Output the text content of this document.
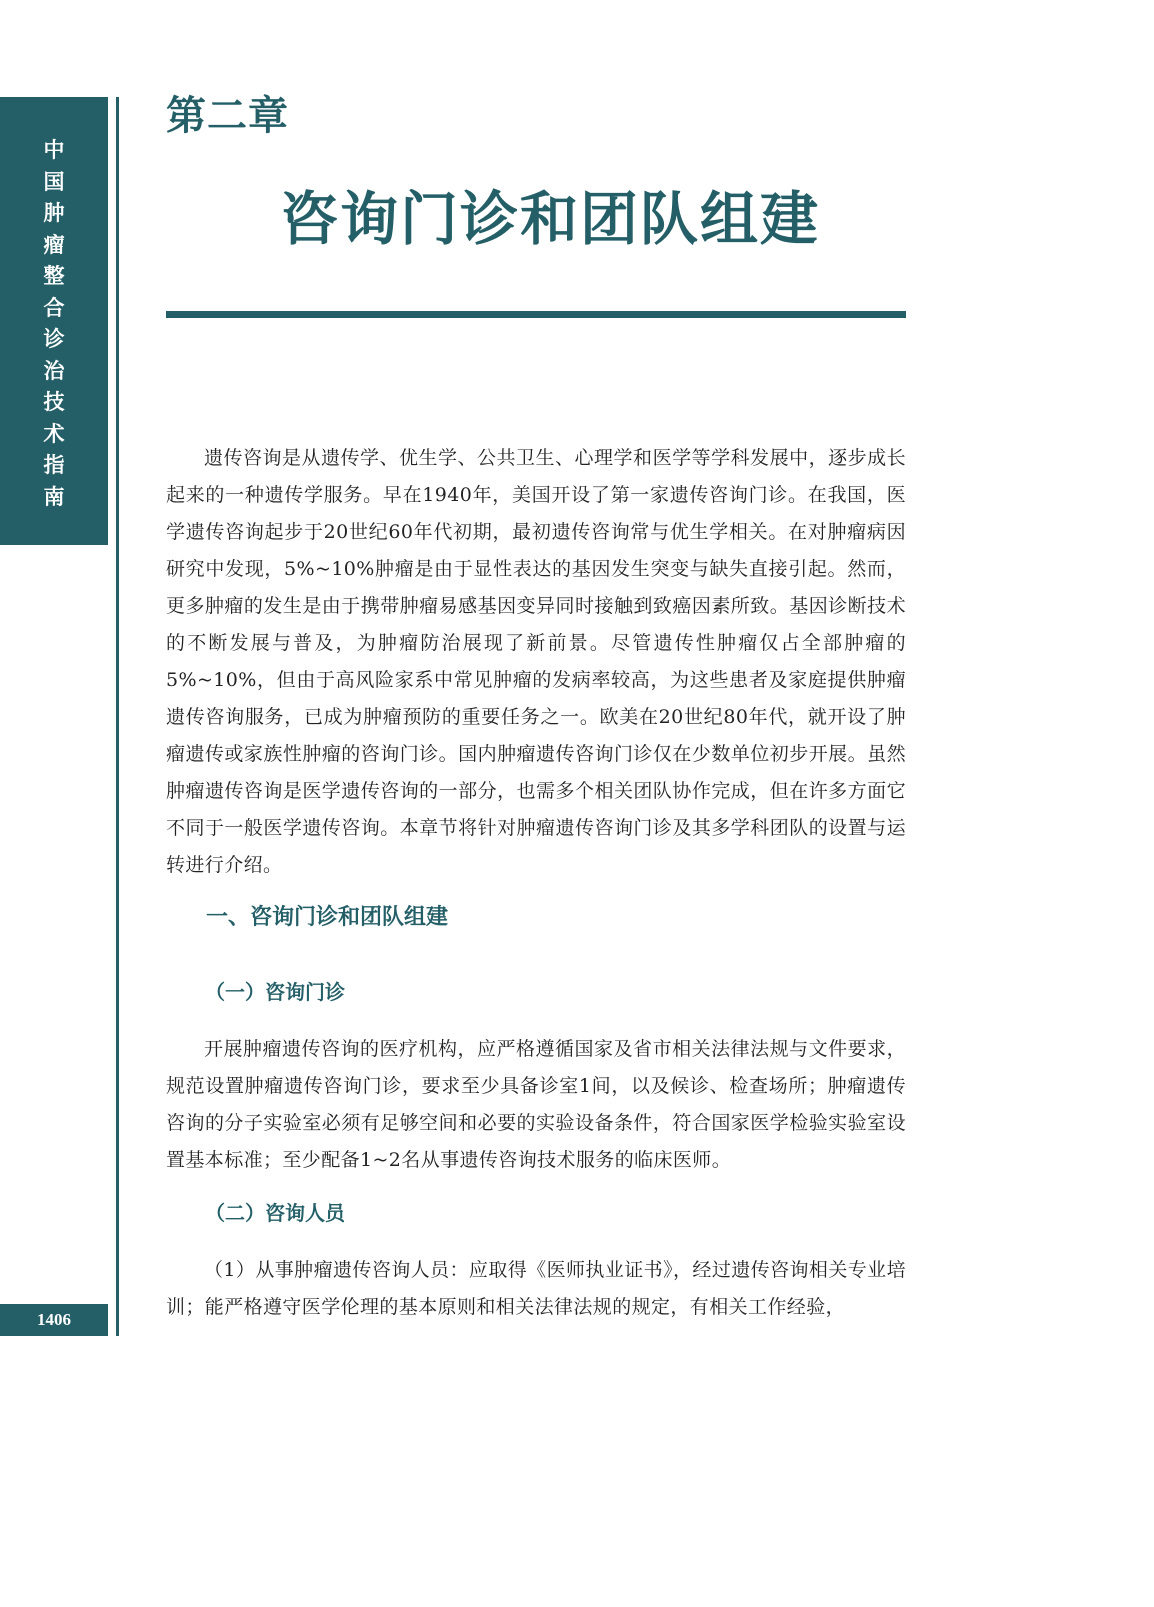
中
国
肿
瘤
整
合
诊
治
技
术
指
南
1406
第二章
咨询门诊和团队组建

遗传咨询是从遗传学、优生学、公共卫生、心理学和医学等学科发展中，逐步成长起来的一种遗传学服务。早在1940年，美国开设了第一家遗传咨询门诊。在我国，医学遗传咨询起步于20世纪60年代初期，最初遗传咨询常与优生学相关。在对肿瘤病因研究中发现，5%~10%肿瘤是由于显性表达的基因发生突变与缺失直接引起。然而，更多肿瘤的发生是由于携带肿瘤易感基因变异同时接触到致癌因素所致。基因诊断技术的不断发展与普及，为肿瘤防治展现了新前景。尽管遗传性肿瘤仅占全部肿瘤的5%~10%，但由于高风险家系中常见肿瘤的发病率较高，为这些患者及家庭提供肿瘤遗传咨询服务，已成为肿瘤预防的重要任务之一。欧美在20世纪80年代，就开设了肿瘤遗传或家族性肿瘤的咨询门诊。国内肿瘤遗传咨询门诊仅在少数单位初步开展。虽然肿瘤遗传咨询是医学遗传咨询的一部分，也需多个相关团队协作完成，但在许多方面它不同于一般医学遗传咨询。本章节将针对肿瘤遗传咨询门诊及其多学科团队的设置与运转进行介绍。

一、咨询门诊和团队组建
（一）咨询门诊

开展肿瘤遗传咨询的医疗机构，应严格遵循国家及省市相关法律法规与文件要求，规范设置肿瘤遗传咨询门诊，要求至少具备诊室1间，以及候诊、检查场所；肿瘤遗传咨询的分子实验室必须有足够空间和必要的实验设备条件，符合国家医学检验实验室设置基本标准；至少配备1~2名从事遗传咨询技术服务的临床医师。

（二）咨询人员

（1）从事肿瘤遗传咨询人员：应取得《医师执业证书》，经过遗传咨询相关专业培训；能严格遵守医学伦理的基本原则和相关法律法规的规定，有相关工作经验，
